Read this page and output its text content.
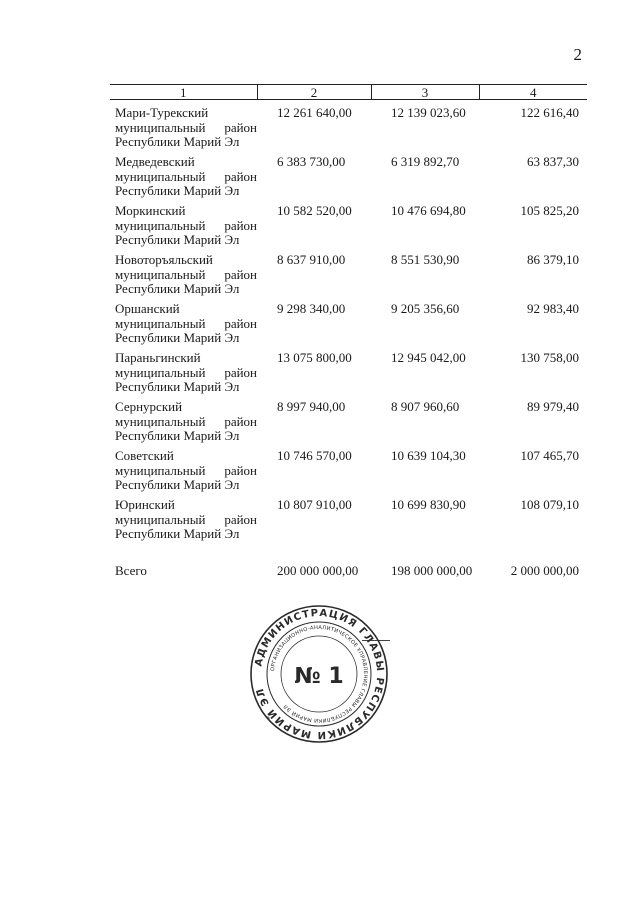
2
1	2	3	4

Мари-Турекский

муниципальный район
Республики Марий Эл	12 261 640,00	12 139 023,60	122 616,40

Медведевский

муниципальный район
Республики Марий Эл	6 383 730,00	6 319 892,70	63 837,30

Моркинский

муниципальный район
Республики Марий Эл	10 582 520,00	10 476 694,80	105 825,20

Новоторъяльский

муниципальный район
Республики Марий Эл	8 637 910,00	8 551 530,90	86 379,10

Оршанский

муниципальный район
Республики Марий Эл	9 298 340,00	9 205 356,60	92 983,40

Параньгинский

муниципальный район
Республики Марий Эл	13 075 800,00	12 945 042,00	130 758,00

Сернурский

муниципальный район
Республики Марий Эл	8 997 940,00	8 907 960,60	89 979,40

Советский

муниципальный район
Республики Марий Эл	10 746 570,00	10 639 104,30	107 465,70

Юринский

муниципальный район
Республики Марий Эл	10 807 910,00	10 699 830,90	108 079,10

Всего	200 000 000,00	198 000 000,00	2 000 000,00
АДМИНИСТРАЦИЯ ГЛАВЫ РЕСПУБЛИКИ МАРИЙ ЭЛ
ОРГАНИЗАЦИОННО-АНАЛИТИЧЕСКОЕ УПРАВЛЕНИЕ ГЛАВЫ РЕСПУБЛИКИ МАРИЙ ЭЛ
№ 1
